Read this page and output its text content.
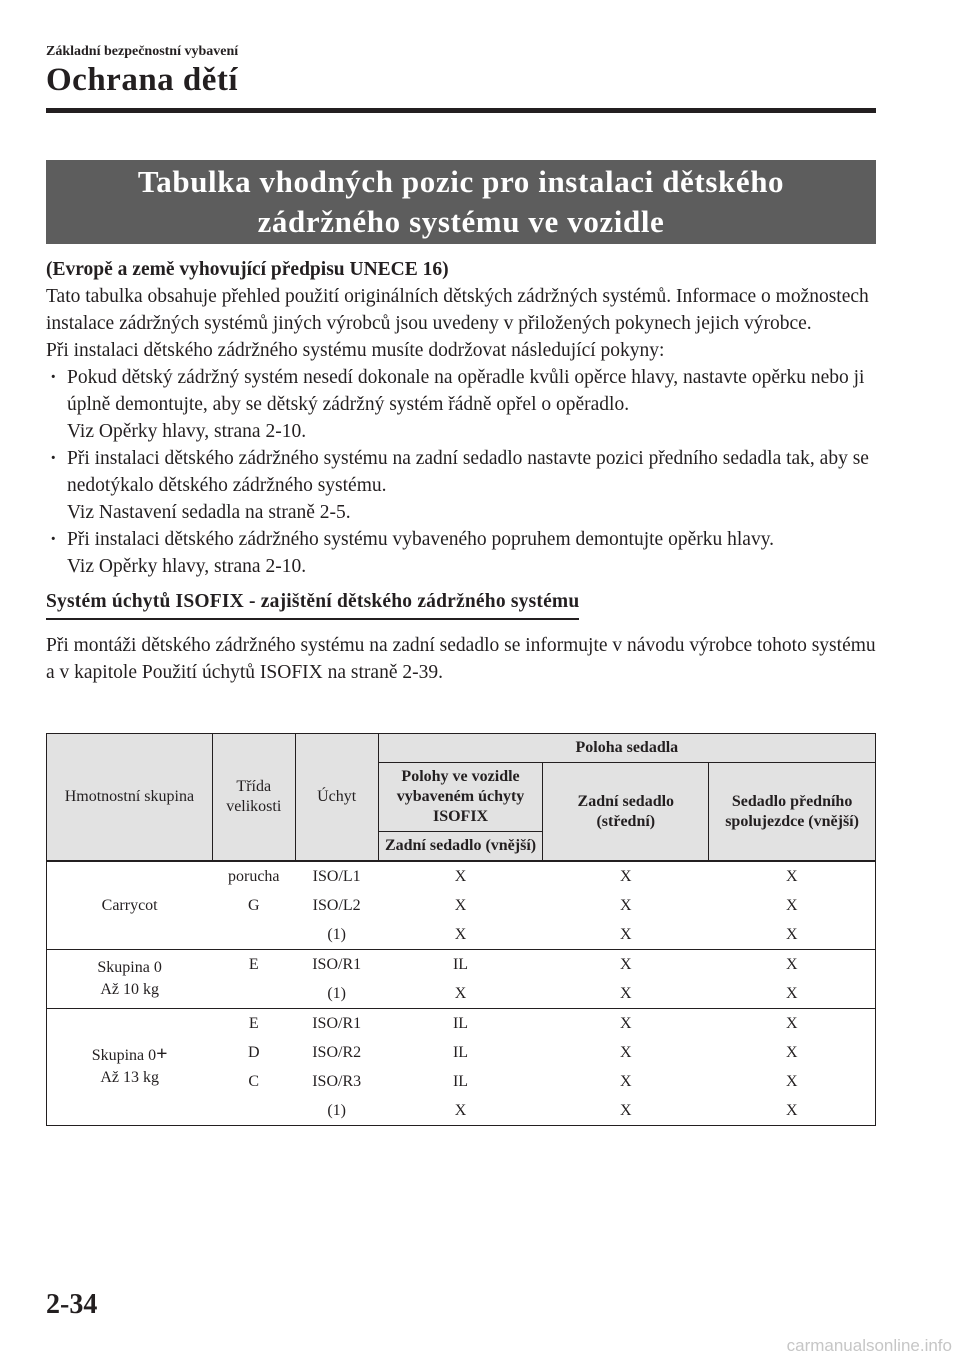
Základní bezpečnostní vybavení
Ochrana dětí
Tabulka vhodných pozic pro instalaci dětského
zádržného systému ve vozidle

(Evropě a země vyhovující předpisu UNECE 16)

Tato tabulka obsahuje přehled použití originálních dětských zádržných systémů. Informace o možnostech instalace zádržných systémů jiných výrobců jsou uvedeny v přiložených pokynech jejich výrobce.

Při instalaci dětského zádržného systému musíte dodržovat následující pokyny:

· Pokud dětský zádržný systém nesedí dokonale na opěradle kvůli opěrce hlavy, nastavte opěrku nebo ji úplně demontujte, aby se dětský zádržný systém řádně opřel o opěradlo.
Viz Opěrky hlavy, strana 2-10.
· Při instalaci dětského zádržného systému na zadní sedadlo nastavte pozici předního sedadla tak, aby se nedotýkalo dětského zádržného systému.
Viz Nastavení sedadla na straně 2-5.
· Při instalaci dětského zádržného systému vybaveného popruhem demontujte opěrku hlavy.
Viz Opěrky hlavy, strana 2-10.
Systém úchytů ISOFIX - zajištění dětského zádržného systému

Při montáži dětského zádržného systému na zadní sedadlo se informujte v návodu výrobce tohoto systému a v kapitole Použití úchytů ISOFIX na straně 2-39.

Hmotnostní skupina	Třída velikosti	Úchyt	Poloha sedadla		
			Polohy ve vozidle vybaveném úchyty ISOFIX	Zadní sedadlo (střední)	Sedadlo předního spolujezdce (vnější)
			Zadní sedadlo (vnější)		
Carrycot	porucha	ISO/L1	X	X	X
	G	ISO/L2	X	X	X
		(1)	X	X	X
Skupina 0
Až 10 kg	E	ISO/R1	IL	X	X
		(1)	X	X	X
Skupina 0+
Až 13 kg	E	ISO/R1	IL	X	X
	D	ISO/R2	IL	X	X
	C	ISO/R3	IL	X	X
		(1)	X	X	X
2-34
carmanualsonline.info
